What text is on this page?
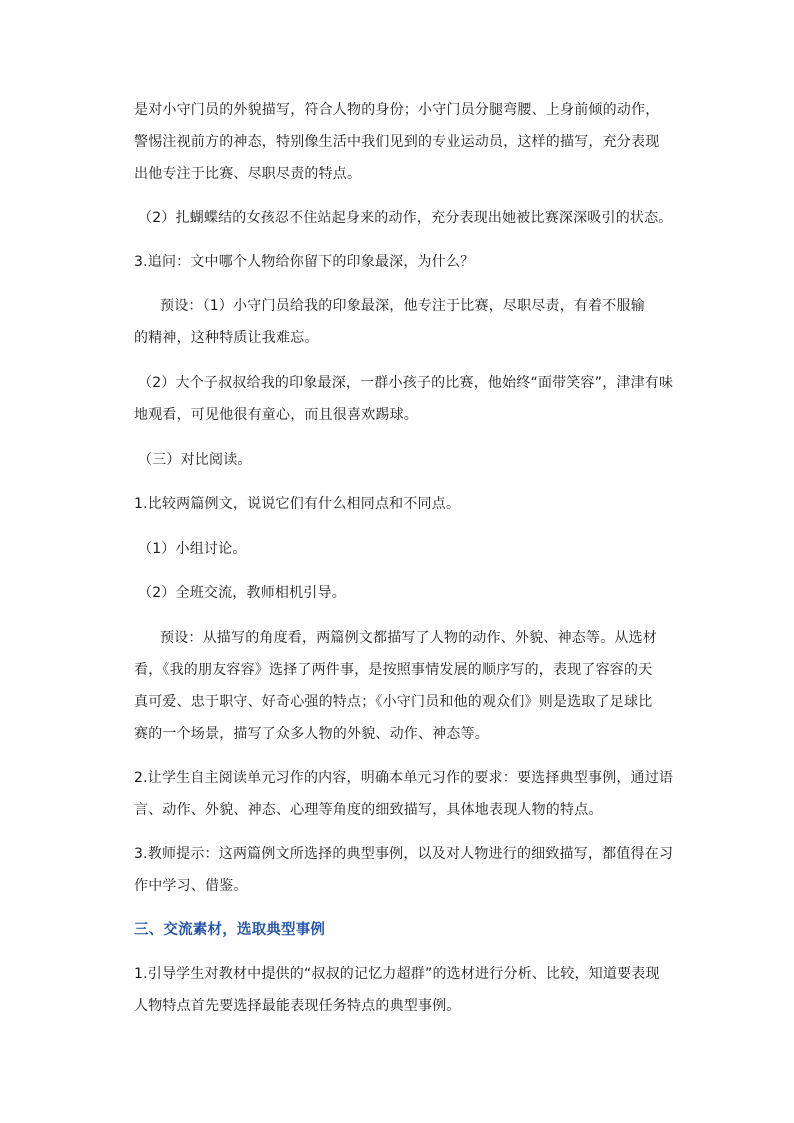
是对小守门员的外貌描写，符合人物的身份；小守门员分腿弯腰、上身前倾的动作，
警惕注视前方的神态，特别像生活中我们见到的专业运动员，这样的描写，充分表现
出他专注于比赛、尽职尽责的特点。
（2）扎蝴蝶结的女孩忍不住站起身来的动作，充分表现出她被比赛深深吸引的状态。
3.追问：文中哪个人物给你留下的印象最深，为什么？
预设：（1）小守门员给我的印象最深，他专注于比赛，尽职尽责，有着不服输
的精神，这种特质让我难忘。
（2）大个子叔叔给我的印象最深，一群小孩子的比赛，他始终“面带笑容”，津津有味
地观看，可见他很有童心，而且很喜欢踢球。
（三）对比阅读。
1.比较两篇例文，说说它们有什么相同点和不同点。
（1）小组讨论。
（2）全班交流，教师相机引导。
预设：从描写的角度看，两篇例文都描写了人物的动作、外貌、神态等。从选材
看，《我的朋友容容》选择了两件事，是按照事情发展的顺序写的，表现了容容的天
真可爱、忠于职守、好奇心强的特点；《小守门员和他的观众们》则是选取了足球比
赛的一个场景，描写了众多人物的外貌、动作、神态等。
2.让学生自主阅读单元习作的内容，明确本单元习作的要求：要选择典型事例，通过语
言、动作、外貌、神态、心理等角度的细致描写，具体地表现人物的特点。
3.教师提示：这两篇例文所选择的典型事例，以及对人物进行的细致描写，都值得在习
作中学习、借鉴。
三、交流素材，选取典型事例
1.引导学生对教材中提供的“叔叔的记忆力超群”的选材进行分析、比较，知道要表现
人物特点首先要选择最能表现任务特点的典型事例。
